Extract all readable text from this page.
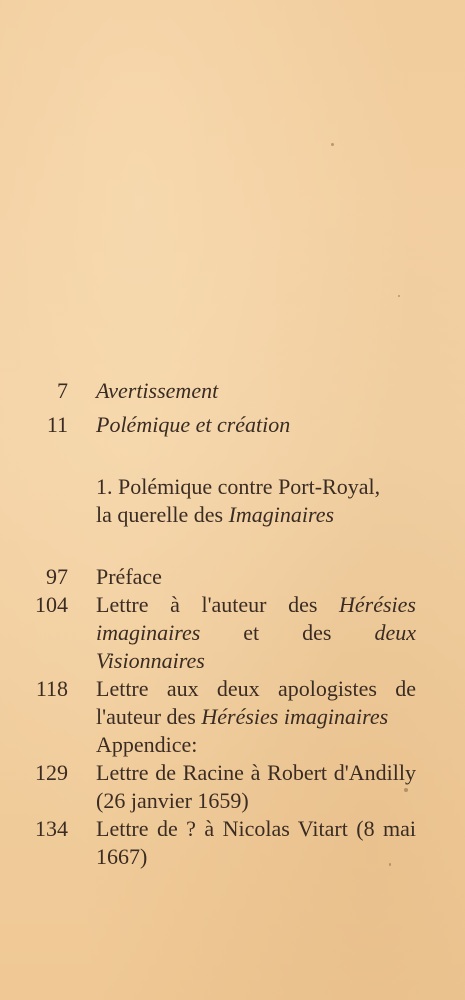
7 Avertissement
11 Polémique et création
1. Polémique contre Port-Royal,
la querelle des Imaginaires
97 Préface
104 Lettre à l'auteur des Hérésies imaginaires et des deux Visionnaires
118 Lettre aux deux apologistes de l'auteur des Hérésies imaginaires
Appendice:
129 Lettre de Racine à Robert d'Andilly (26 janvier 1659)
134 Lettre de ? à Nicolas Vitart (8 mai 1667)
